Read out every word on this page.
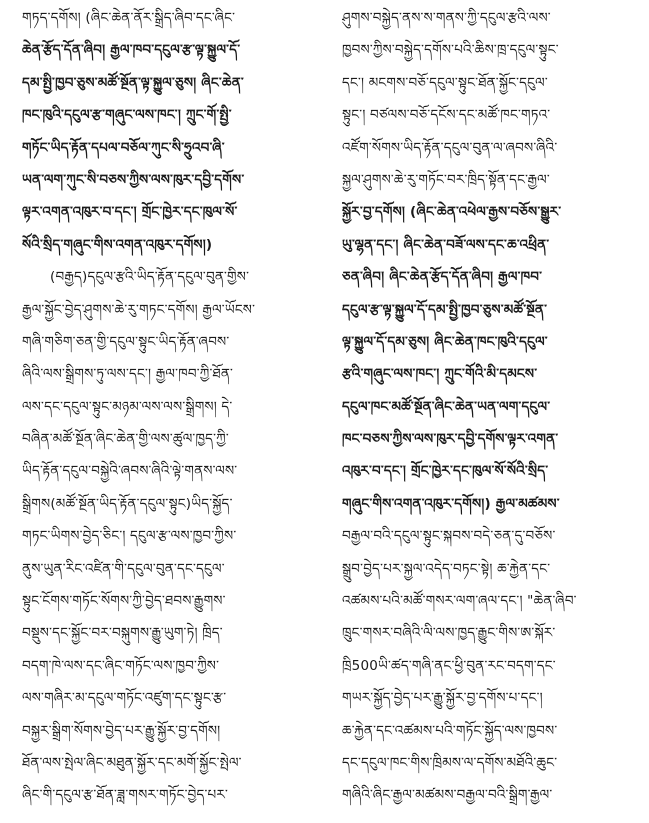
གཏད་དགོས། (ཞིང་ཆེན་ནོར་སྒྲིད་ཞིབ་དང་ཞིང་
ཆེན་རྩོད་དོན་ཞིབ། རྒྱལ་ཁབ་དངུལ་རྩ་ལྟ་སྐྱུལ་དོ་
དམ་སྤྱི་ཁྱབ་ཅུས་མཚོ་སྔོན་ལྟ་སྐྱུལ་ཅུས། ཞིང་ཆེན་
ཁང་ཁུའི་དངུལ་རྩ་གཞུང་ལས་ཁང་། ཀྲུང་གོ་སྤྱི་
གཏོང་ཡིད་རྟོན་དཔལ་བཅོལ་ཀུང་སི་ཧྲུའབ་ཞི་
ཡན་ལག་ཀུང་སི་བཅས་ཀྱིས་ལས་ཁུར་དབྱི་དགོས་
ལྟར་འགན་འཁུར་བ་དང་། གྲོང་ཁྱེར་དང་ཁུལ་སོ་
སོའི་སྲིད་གཞུང་གིས་འགན་འཁུར་དགོས།)
(བརྒྱད)དངུལ་རྩའི་ཡིད་རྟོན་དངུལ་བུན་གྱིས་
རྒྱལ་སྐྱོང་བྱེད་ཤུགས་ཆེ་རུ་གཏང་དགོས། རྒྱལ་ཡོངས་
གཞི་གཅིག་ཅན་གྱི་དངུལ་སྟུང་ཡིད་རྟོན་ཞབས་
ཞིའི་ལས་སྒྲིགས་ཏུ་ལས་དང་། རྒྱལ་ཁབ་ཀྱི་ཐོན་
ལས་དང་དངུལ་སྟུང་མཉམ་ལས་ལས་སྒྲིགས། དེ་
བཞིན་མཚོ་སྔོན་ཞིང་ཆེན་གྱི་ལས་ཚུལ་ཁྱད་ཀྱི་
ཡིད་རྟོན་དངུལ་བསྐྱེའི་ཞབས་ཞིའི་ལྟེ་གནས་ལས་
སྒྲིགས(མཚོ་སྔོན་ཡིད་རྟོན་དངུལ་སྟུང)ཡིད་སྐྱོད་
གཏང་ཡིགས་བྱེད་ཅིང་། དངུལ་རྩ་ལས་ཁྱབ་ཀྱིས་
ནུས་ཡུན་རིང་འཛིན་གི་དངུལ་བུན་དང་དངུལ་
སྟུང་ངོགས་གཏོང་སོགས་ཀྱི་བྱེད་ཐབས་རྒྱུགས་
བསྡུས་དང་སྐྱོང་བར་བསྐུགས་རྒྱུ་ཡུག་ཏེ། ཁྲིད་
བདག་ཁེ་ལས་དང་ཞིང་གཏོང་ལས་ཁྱབ་ཀྱིས་
ལས་གཞིར་མ་དངུལ་གཏོང་འཛུག་དང་སྟུང་རྩ་
བསྐྱར་སྒྲིག་སོགས་བྱེད་པར་རྒྱུ་སྐྱོར་བྱ་དགོས།
ཐོན་ལས་སྤེལ་ཞིང་མཐུན་སྐྱོར་དང་མགོ་སྐྱོང་སྤེལ་
ཞིང་གི་དངུལ་རྩ་ཐོན་ཟླ་གསར་གཏོང་བྱེད་པར་
ཤུགས་བསྐྱེད་ནས་ས་གནས་ཀྱི་དངུལ་རྩའི་ལས་
ཁྱབས་ཀྱིས་བསྐྱེད་དགོས་པའི་ཆིས་ཁྲ་དངུལ་སྟུང་
དང་། མངགས་བཅོ་དངུལ་སྟུང་ཐོན་སྐྱོང་དངུལ་
སྟུང་། བཙལས་བཅོ་དངོས་དང་མཚོ་ཁང་གཏའ་
འཛོག་སོགས་ཡིད་རྟོན་དངུལ་བུན་ལ་ཞབས་ཞིའི་
སྐྱལ་ཤུགས་ཆེ་རུ་གཏོང་བར་ཁྲིད་སྟོན་དང་རྒྱལ་
སྐྱོར་བྱ་དགོས། (ཞིང་ཆེན་འཕེལ་རྒྱས་བཅོས་སྒྱུར་
ཡུ་ལྷན་དང་། ཞིང་ཆེན་བཟོ་ལས་དང་ཆ་འཕྲིན་
ཅན་ཞིབ། ཞིང་ཆེན་རྩོད་དོན་ཞིབ། རྒྱལ་ཁབ་
དངུལ་རྩ་ལྟ་སྐྱུལ་དོ་དམ་སྤྱི་ཁྱབ་ཅུས་མཚོ་སྔོན་
ལྟ་སྐྱུལ་དོ་དམ་ཅུས། ཞིང་ཆེན་ཁང་ཁུའི་དངུལ་
རྩའི་གཞུང་ལས་ཁང་། ཀྲུང་གོའི་མི་དམངས་
དངུལ་ཁང་མཚོ་སྔོན་ཞིང་ཆེན་ཡན་ལག་དངུལ་
ཁང་བཅས་ཀྱིས་ལས་ཁུར་དབྱི་དགོས་ལྟར་འགན་
འཁུར་བ་དང་། གྲོང་ཁྱེར་དང་ཁུལ་སོ་སོའི་སྲིད་
གཞུང་གིས་འགན་འཁུར་དགོས།) རྒྱལ་མཚམས་
བརྒྱལ་བའི་དངུལ་སྟུང་སྐབས་བདེ་ཅན་དུ་བཅོས་
སྒྲུབ་བྱེད་པར་སྐྱལ་འདེད་བཏང་སྟེ། ཆ་རྐྱེན་དང་
འཚམས་པའི་མཚོ་གསར་ལག་ཞལ་དང་། "ཆེན་ཞིབ་
ཁྲུང་གསར་བཞིའི་ལི་ལས་ཁྱད་རྒྱུང་གིས་ཨ་སྐོར་
ཁྲི500ཡི་ཚད་གཞི་ནང་ཕྱི་བུན་རང་བདག་དང་
གཡར་སྐྱོད་བྱེད་པར་རྒྱུ་སྐྱོར་བྱ་དགོས་པ་དང་།
ཆ་རྐྱེན་དང་འཚམས་པའི་གཏོང་སྐྱོད་ལས་ཁྱབས་
དང་དངུལ་ཁང་གིས་ཁྲིམས་ལ་དགོས་མཐོའི་ཆུང་
གཞིའི་ཞིང་རྒྱལ་མཚམས་བརྒྱལ་བའི་སྒྲིག་རྒྱལ་
